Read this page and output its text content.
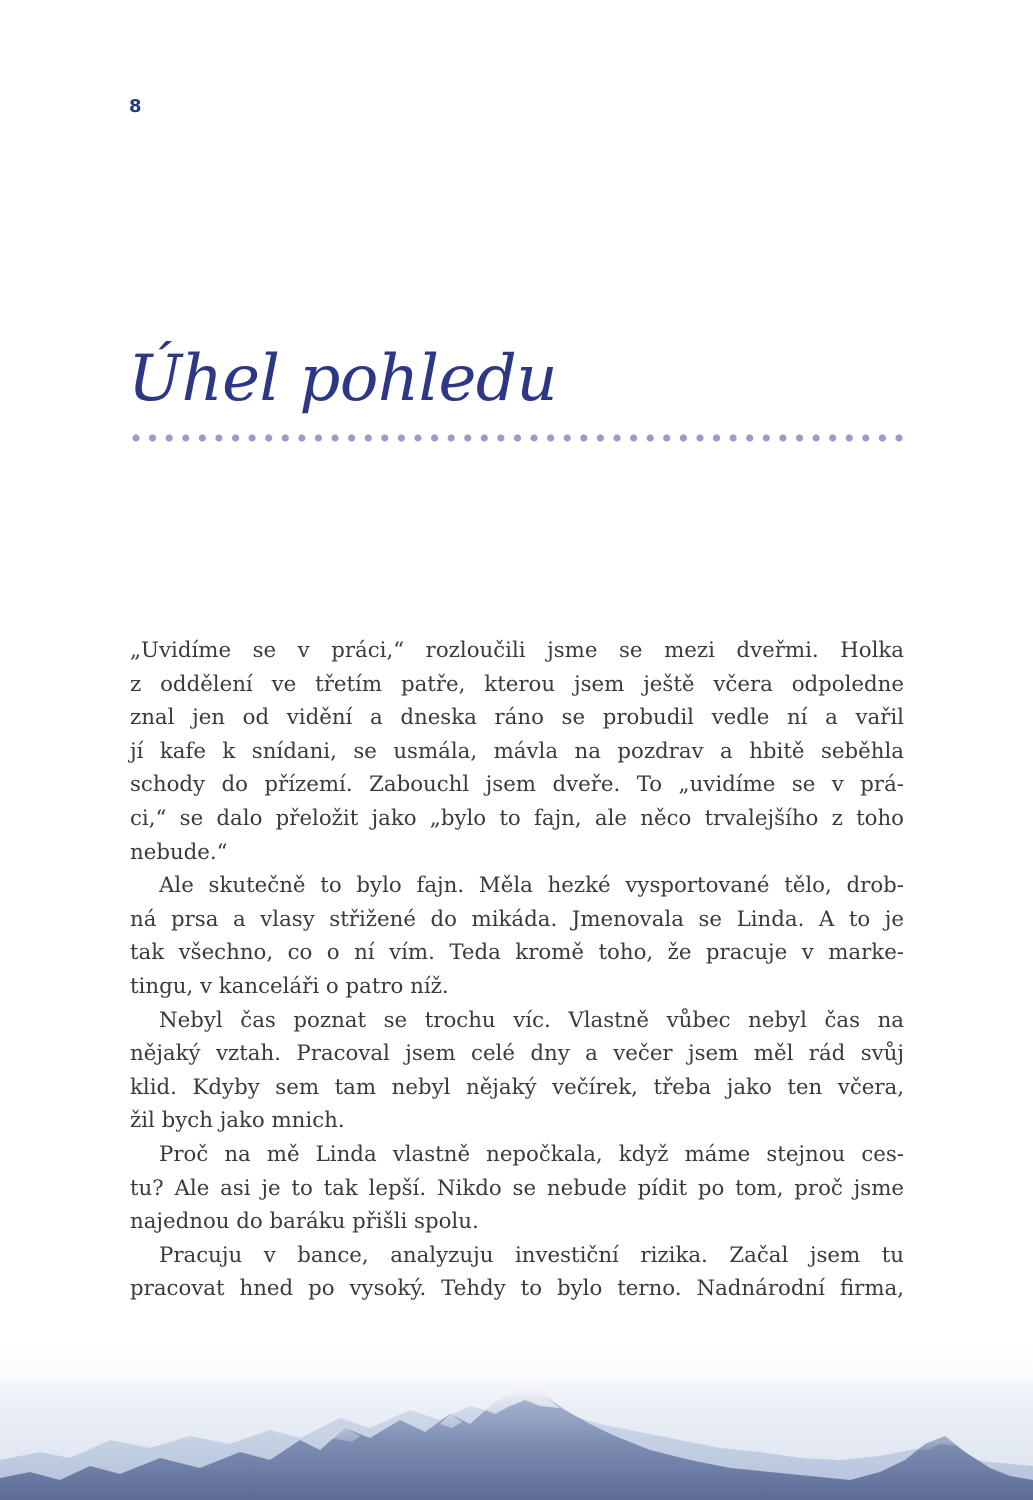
8
Úhel pohledu

„Uvidíme se v práci,“ rozloučili jsme se mezi dveřmi. Holka
z oddělení ve třetím patře, kterou jsem ještě včera odpoledne
znal jen od vidění a dneska ráno se probudil vedle ní a vařil
jí kafe k snídani, se usmála, mávla na pozdrav a hbitě seběhla
schody do přízemí. Zabouchl jsem dveře. To „uvidíme se v prá-
ci,“ se dalo přeložit jako „bylo to fajn, ale něco trvalejšího z toho

nebude.“

Ale skutečně to bylo fajn. Měla hezké vysportované tělo, drob-
ná prsa a vlasy střižené do mikáda. Jmenovala se Linda. A to je
tak všechno, co o ní vím. Teda kromě toho, že pracuje v marke-

tingu, v kanceláři o patro níž.

Nebyl čas poznat se trochu víc. Vlastně vůbec nebyl čas na
nějaký vztah. Pracoval jsem celé dny a večer jsem měl rád svůj
klid. Kdyby sem tam nebyl nějaký večírek, třeba jako ten včera,

žil bych jako mnich.

Proč na mě Linda vlastně nepočkala, když máme stejnou ces-
tu? Ale asi je to tak lepší. Nikdo se nebude pídit po tom, proč jsme

najednou do baráku přišli spolu.

Pracuju v bance, analyzuju investiční rizika. Začal jsem tu
pracovat hned po vysoký. Tehdy to bylo terno. Nadnárodní firma,
